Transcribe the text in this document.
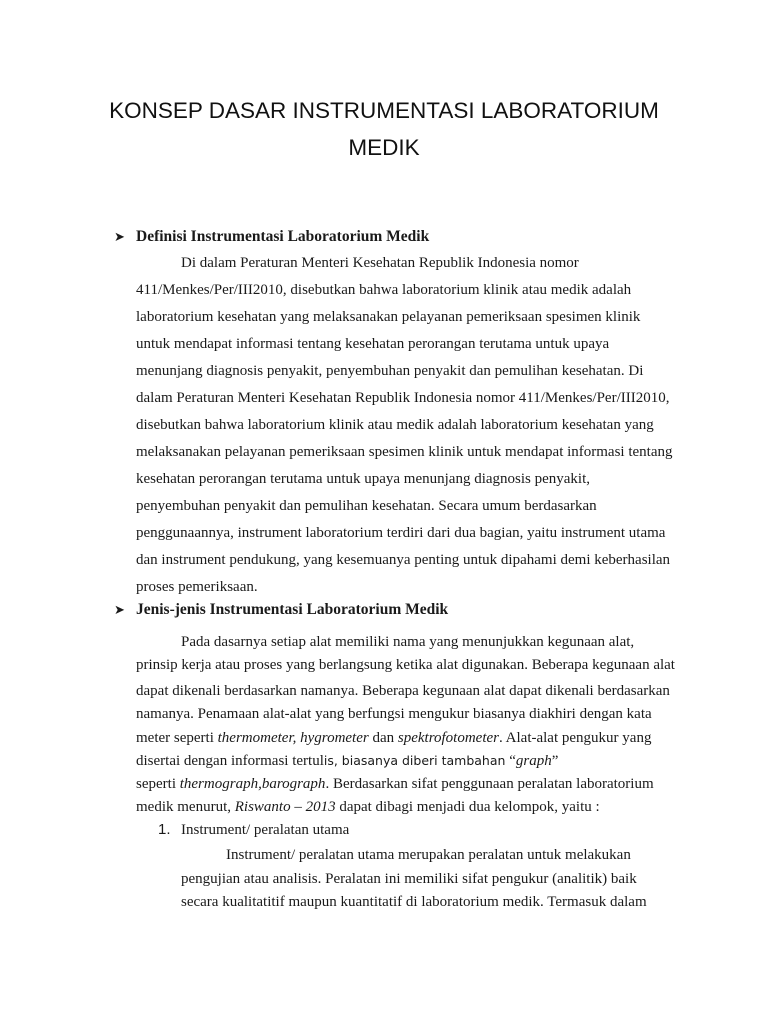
KONSEP DASAR INSTRUMENTASI LABORATORIUM
MEDIK
➤ Definisi Instrumentasi Laboratorium Medik
Di dalam Peraturan Menteri Kesehatan Republik Indonesia nomor
411/Menkes/Per/III2010, disebutkan bahwa laboratorium klinik atau medik adalah
laboratorium kesehatan yang melaksanakan pelayanan pemeriksaan spesimen klinik
untuk mendapat informasi tentang kesehatan perorangan terutama untuk upaya
menunjang diagnosis penyakit, penyembuhan penyakit dan pemulihan kesehatan. Di
dalam Peraturan Menteri Kesehatan Republik Indonesia nomor 411/Menkes/Per/III2010,
disebutkan bahwa laboratorium klinik atau medik adalah laboratorium kesehatan yang
melaksanakan pelayanan pemeriksaan spesimen klinik untuk mendapat informasi tentang
kesehatan perorangan terutama untuk upaya menunjang diagnosis penyakit,
penyembuhan penyakit dan pemulihan kesehatan. Secara umum berdasarkan
penggunaannya, instrument laboratorium terdiri dari dua bagian, yaitu instrument utama
dan instrument pendukung, yang kesemuanya penting untuk dipahami demi keberhasilan
proses pemeriksaan.
➤ Jenis-jenis Instrumentasi Laboratorium Medik
Pada dasarnya setiap alat memiliki nama yang menunjukkan kegunaan alat,
prinsip kerja atau proses yang berlangsung ketika alat digunakan. Beberapa kegunaan alat
dapat dikenali berdasarkan namanya. Beberapa kegunaan alat dapat dikenali berdasarkan
namanya. Penamaan alat-alat yang berfungsi mengukur biasanya diakhiri dengan kata
meter seperti thermometer, hygrometer dan spektrofotometer. Alat-alat pengukur yang
disertai dengan informasi tertulis, biasanya diberi tambahan “graph”
seperti thermograph,barograph. Berdasarkan sifat penggunaan peralatan laboratorium
medik menurut, Riswanto – 2013 dapat dibagi menjadi dua kelompok, yaitu :
1. Instrument/ peralatan utama
Instrument/ peralatan utama merupakan peralatan untuk melakukan
pengujian atau analisis. Peralatan ini memiliki sifat pengukur (analitik) baik
secara kualitatitif maupun kuantitatif di laboratorium medik. Termasuk dalam
